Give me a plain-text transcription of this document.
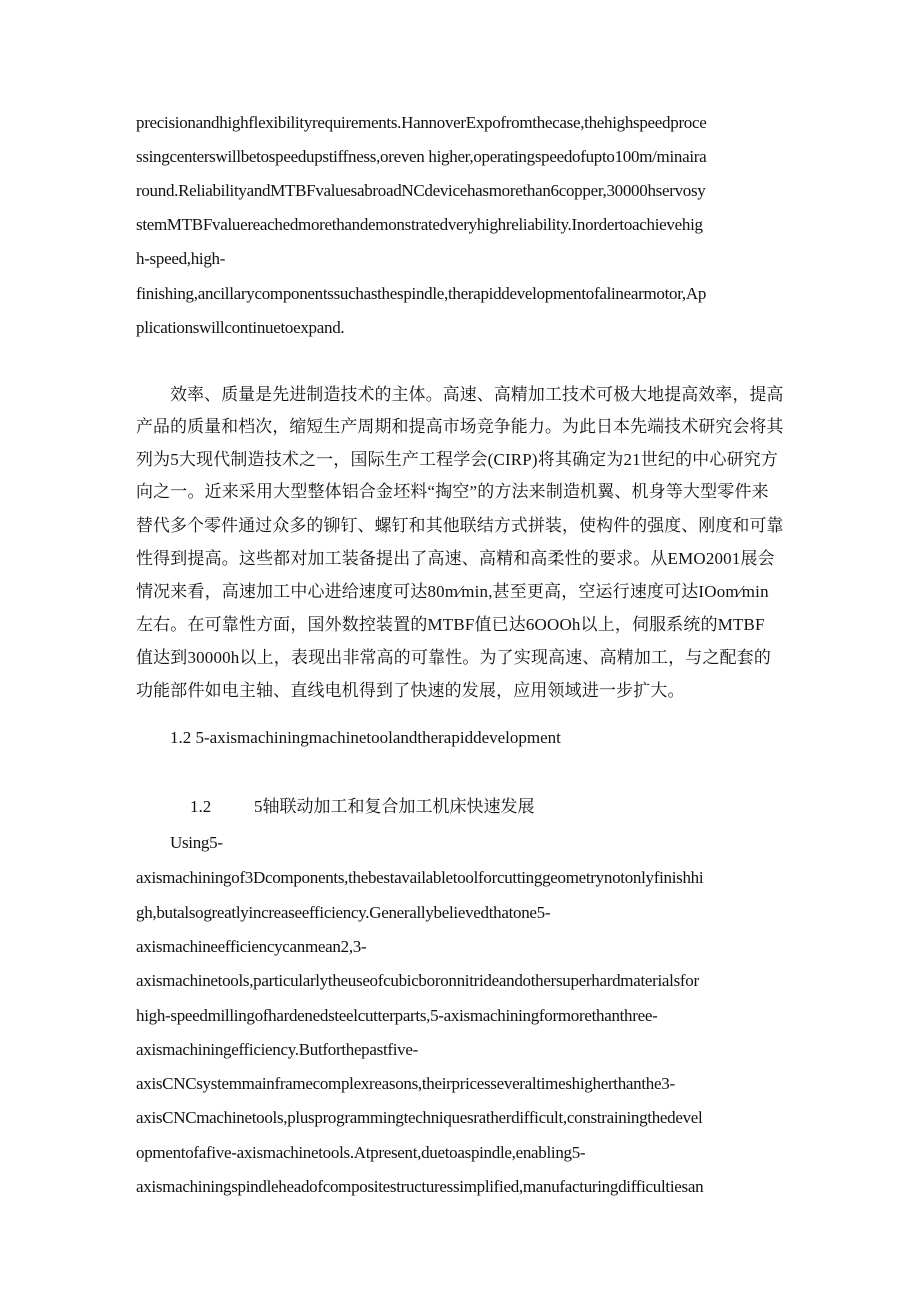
precisionandhighflexibilityrequirements.HannoverExpofromthecase,thehighspeedproce
ssingcenterswillbetospeedupstiffness,oreven higher,operatingspeedofupto100m/minaira
round.ReliabilityandMTBFvaluesabroadNCdevicehasmorethan6copper,30000hservosy
stemMTBFvaluereachedmorethandemonstratedveryhighreliability.Inordertoachievehig
h-speed,high-
finishing,ancillarycomponentssuchasthespindle,therapiddevelopmentofalinearmotor,Ap
plicationswillcontinuetoexpand.
　　效率、质量是先进制造技术的主体。高速、高精加工技术可极大地提高效率，提高
产品的质量和档次，缩短生产周期和提高市场竞争能力。为此日本先端技术研究会将其
列为5大现代制造技术之一，国际生产工程学会(CIRP)将其确定为21世纪的中心研究方
向之一。近来采用大型整体铝合金坯料“掏空”的方法来制造机翼、机身等大型零件来
替代多个零件通过众多的铆钉、螺钉和其他联结方式拼装，使构件的强度、刚度和可靠
性得到提高。这些都对加工装备提出了高速、高精和高柔性的要求。从EMO2001展会
情况来看，高速加工中心进给速度可达80m∕min,甚至更高，空运行速度可达IOom∕min
左右。在可靠性方面，国外数控装置的MTBF值已达6OOOh以上，伺服系统的MTBF
值达到30000h以上，表现出非常高的可靠性。为了实现高速、高精加工，与之配套的
功能部件如电主轴、直线电机得到了快速的发展，应用领域进一步扩大。
1.2 5-axismachiningmachinetoolandtherapiddevelopment
1.2	5轴联动加工和复合加工机床快速发展
Using5-
axismachiningof3Dcomponents,thebestavailabletoolforcuttinggeometrynotonlyfinishhi
gh,butalsogreatlyincreaseefficiency.Generallybelievedthatone5-
axismachineefficiencycanmean2,3-
axismachinetools,particularlytheuseofcubicboronnitrideandothersuperhardmaterialsfor
high-speedmillingofhardenedsteelcutterparts,5-axismachiningformorethanthree-
axismachiningefficiency.Butforthepastfive-
axisCNCsystemmainframecomplexreasons,theirpricesseveraltimeshigherthanthe3-
axisCNCmachinetools,plusprogrammingtechniquesratherdifficult,constrainingthedevel
opmentofafive-axismachinetools.Atpresent,duetoaspindle,enabling5-
axismachiningspindleheadofcompositestructuressimplified,manufacturingdifficultiesan
